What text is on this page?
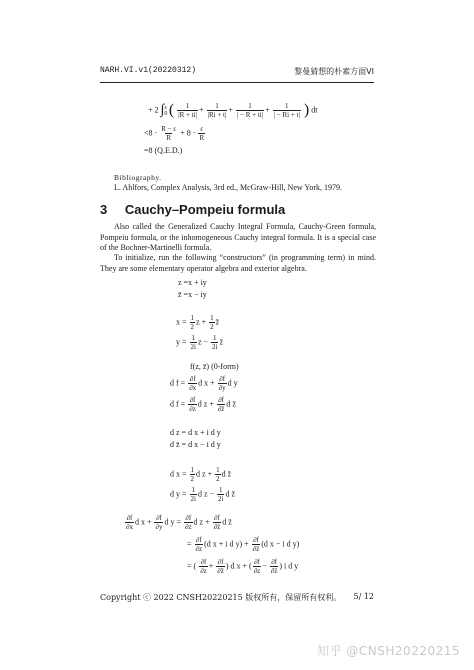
NARH.VI.v1(20220312)	黎曼猜想的朴素方面VI
+ 2 $\int_0^\varepsilon$ ( $\frac{1}{|R + ti|} + \frac{1}{|Ri + t|} + \frac{1}{| - R + ti|} + \frac{1}{| - Ri + t|}$ ) dt
$<8 \cdot \frac{R - \varepsilon}{R} + 8 \cdot \frac{\varepsilon}{R}$
=8 (Q.E.D.)
Bibliography.
L. Ahlfors, Complex Analysis, 3rd ed., McGraw-Hill, New York, 1979.
3 Cauchy–Pompeiu formula
Also called the Generalized Cauchy Integral Formula, Cauchy-Green formula, Pompeiu formula, or the inhomogeneous Cauchy integral formula. It is a special case of the Bochner-Martinelli formula.
To initialize, run the following “constructors” (in programming term) in mind. They are some elementary operator algebra and exterior algebra.
z =x + iy
z̄ =x − iy
$x = \frac{1}{2}$ $z + \frac{1}{2}$ z̄
$y = \frac{1}{2i}$ $z - \frac{1}{2i}$ z̄
f(z, z̄) (0-form)
d $f = \frac{\partial f}{\partial x}$ d $x + \frac{\partial f}{\partial y}$ d y
d $f = \frac{\partial f}{\partial z}$ d $z + \frac{\partial f}{\partial z̄}$ d z̄
d z = d x + i d y
d z̄ = d x − i d y
d $x = \frac{1}{2}$ d $z + \frac{1}{2}$ d z̄
d $y = \frac{1}{2i}$ d $z - \frac{1}{2i}$ d z̄
$\frac{\partial f}{\partial x}$ d $x + \frac{\partial f}{\partial y}$ d $y = \frac{\partial f}{\partial z}$ d $z + \frac{\partial f}{\partial z̄}$ d z̄
= $\frac{\partial f}{\partial z} (d$ x + i d $y) + \frac{\partial f}{\partial z̄} (d$ x − i d y)
= ( $\frac{\partial f}{\partial z} + \frac{\partial f}{\partial z̄}$ ) d x + ( $\frac{\partial f}{\partial z} - \frac{\partial f}{\partial z̄}$ ) i d y
Copyright ⓒ 2022 CNSH20220215 版权所有，保留所有权利。 5/ 12
知乎 @CNSH20220215
